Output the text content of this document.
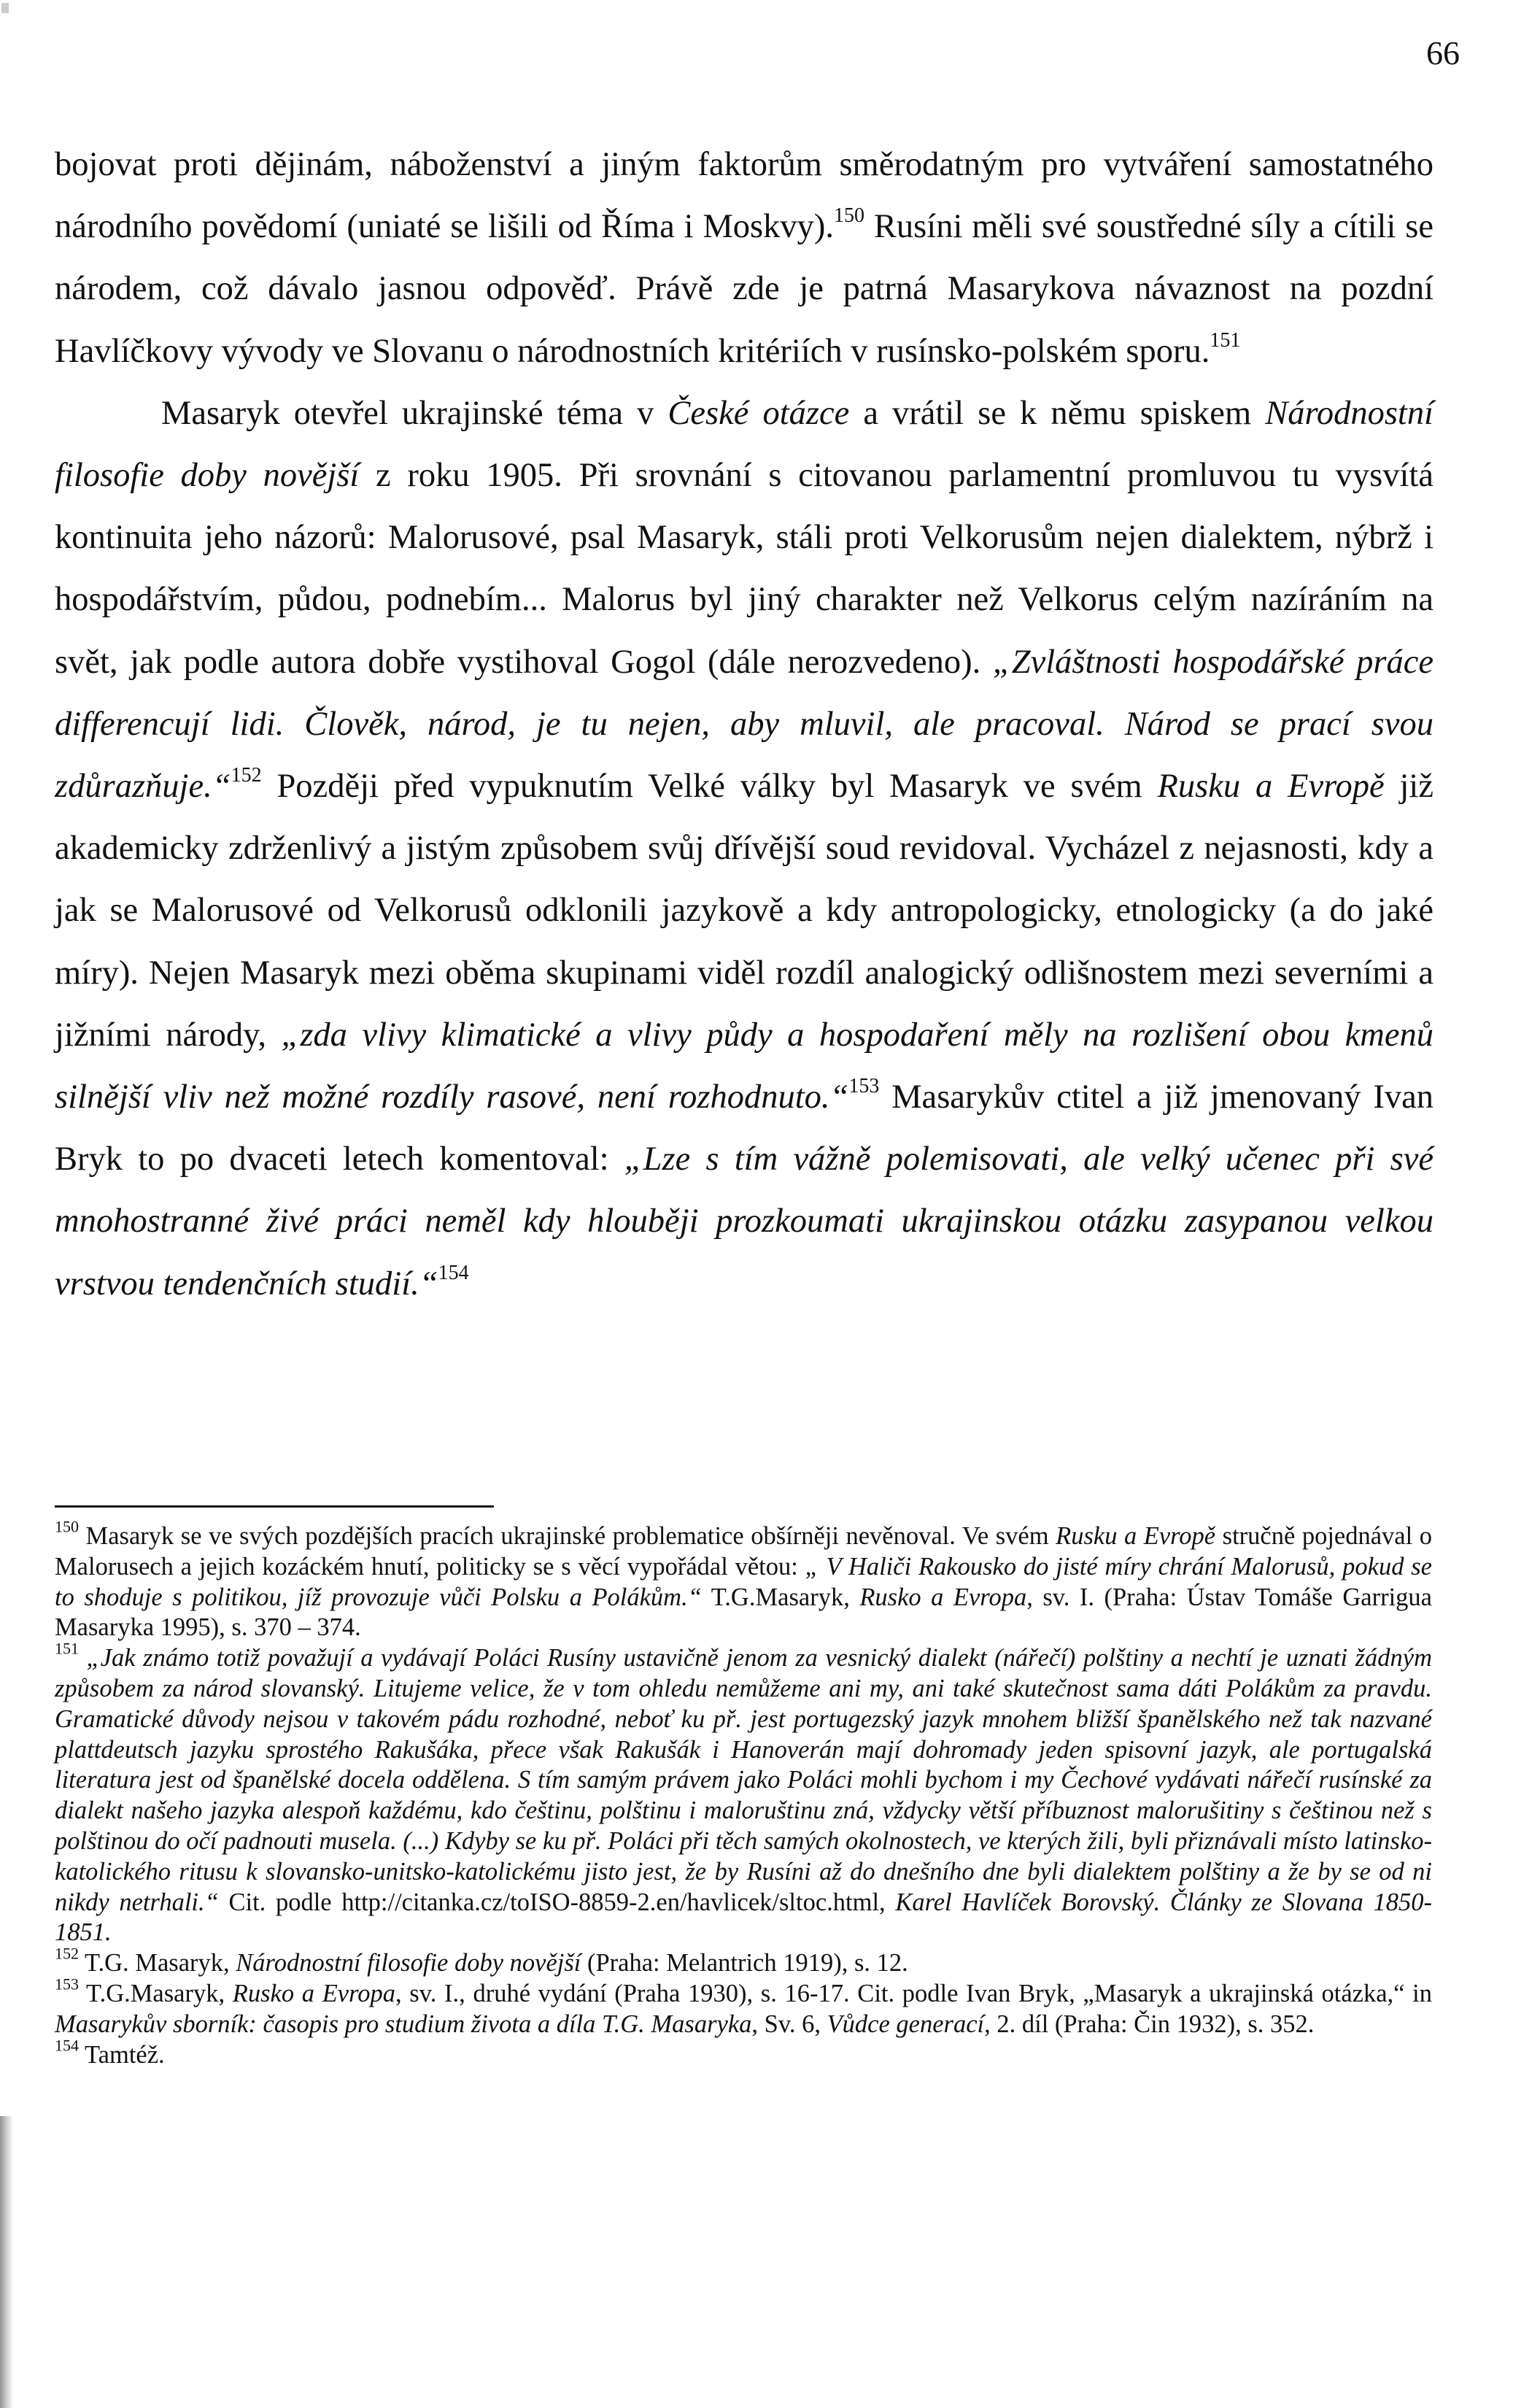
66

bojovat proti dějinám, náboženství a jiným faktorům směrodatným pro vytváření samostatného národního povědomí (uniaté se lišili od Říma i Moskvy).$^{150}$ Rusíni měli své soustředné síly a cítili se národem, což dávalo jasnou odpověď. Právě zde je patrná Masarykova návaznost na pozdní Havlíčkovy vývody ve Slovanu o národnostních kritériích v rusínsko-polském sporu.$^{151}$

Masaryk otevřel ukrajinské téma v České otázce a vrátil se k němu spiskem Národnostní filosofie doby novější z roku 1905. Při srovnání s citovanou parlamentní promluvou tu vysvítá kontinuita jeho názorů: Malorusové, psal Masaryk, stáli proti Velkorusům nejen dialektem, nýbrž i hospodářstvím, půdou, podnebím... Malorus byl jiný charakter než Velkorus celým nazíráním na svět, jak podle autora dobře vystihoval Gogol (dále nerozvedeno). „Zvláštnosti hospodářské práce differencují lidi. Člověk, národ, je tu nejen, aby mluvil, ale pracoval. Národ se prací svou zdůrazňuje.“$^{152}$ Později před vypuknutím Velké války byl Masaryk ve svém Rusku a Evropě již akademicky zdrženlivý a jistým způsobem svůj dřívější soud revidoval. Vycházel z nejasnosti, kdy a jak se Malorusové od Velkorusů odklonili jazykově a kdy antropologicky, etnologicky (a do jaké míry). Nejen Masaryk mezi oběma skupinami viděl rozdíl analogický odlišnostem mezi severními a jižními národy, „zda vlivy klimatické a vlivy půdy a hospodaření měly na rozlišení obou kmenů silnější vliv než možné rozdíly rasové, není rozhodnuto.“$^{153}$ Masarykův ctitel a již jmenovaný Ivan Bryk to po dvaceti letech komentoval: „Lze s tím vážně polemisovati, ale velký učenec při své mnohostranné živé práci neměl kdy hlouběji prozkoumati ukrajinskou otázku zasypanou velkou vrstvou tendenčních studií.“$^{154}$

$^{150}$ Masaryk se ve svých pozdějších pracích ukrajinské problematice obšírněji nevěnoval. Ve svém Rusku a Evropě stručně pojednával o Malorusech a jejich kozáckém hnutí, politicky se s věcí vypořádal větou: „ V Haliči Rakousko do jisté míry chrání Malorusů, pokud se to shoduje s politikou, jíž provozuje vůči Polsku a Polákům.“ T.G.Masaryk, Rusko a Evropa, sv. I. (Praha: Ústav Tomáše Garrigua Masaryka 1995), s. 370 – 374.

$^{151}$ „Jak známo totiž považují a vydávají Poláci Rusíny ustavičně jenom za vesnický dialekt (nářečí) polštiny a nechtí je uznati žádným způsobem za národ slovanský. Litujeme velice, že v tom ohledu nemůžeme ani my, ani také skutečnost sama dáti Polákům za pravdu. Gramatické důvody nejsou v takovém pádu rozhodné, neboť ku př. jest portugezský jazyk mnohem bližší španělského než tak nazvané plattdeutsch jazyku sprostého Rakušáka, přece však Rakušák i Hanoverán mají dohromady jeden spisovní jazyk, ale portugalská literatura jest od španělské docela oddělena. S tím samým právem jako Poláci mohli bychom i my Čechové vydávati nářečí rusínské za dialekt našeho jazyka alespoň každému, kdo češtinu, polštinu i maloruštinu zná, vždycky větší příbuznost malorušitiny s češtinou než s polštinou do očí padnouti musela. (...) Kdyby se ku př. Poláci při těch samých okolnostech, ve kterých žili, byli přiznávali místo latinsko-katolického ritusu k slovansko-unitsko-katolickému jisto jest, že by Rusíni až do dnešního dne byli dialektem polštiny a že by se od ni nikdy netrhali.“ Cit. podle http://citanka.cz/toISO-8859-2.en/havlicek/sltoc.html, Karel Havlíček Borovský. Články ze Slovana 1850-1851.

$^{152}$ T.G. Masaryk, Národnostní filosofie doby novější (Praha: Melantrich 1919), s. 12.

$^{153}$ T.G.Masaryk, Rusko a Evropa, sv. I., druhé vydání (Praha 1930), s. 16-17. Cit. podle Ivan Bryk, „Masaryk a ukrajinská otázka,“ in Masarykův sborník: časopis pro studium života a díla T.G. Masaryka, Sv. 6, Vůdce generací, 2. díl (Praha: Čin 1932), s. 352.

$^{154}$ Tamtéž.
